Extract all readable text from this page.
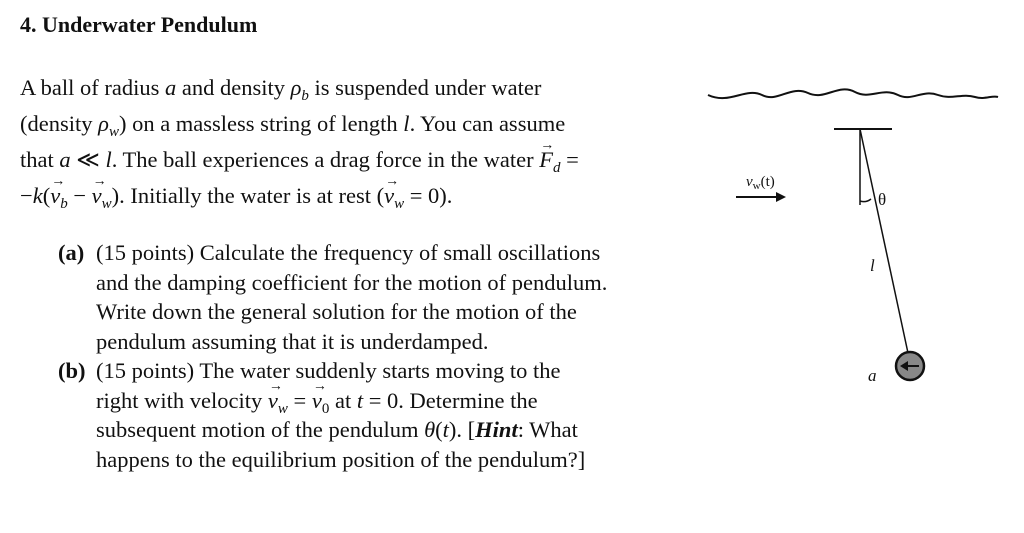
4. Underwater Pendulum
A ball of radius a and density $\rho_b$ is suspended under water
(density $\rho_w$) on a massless string of length l. You can assume
that a ≪ l. The ball experiences a drag force in the water → $F_d$ =
$-k(\to v_b$ − → $v_w$). Initially the water is at rest (→ $v_w = 0$).
(a) (15 points) Calculate the frequency of small oscillations
and the damping coefficient for the motion of pendulum.
Write down the general solution for the motion of the
pendulum assuming that it is underdamped.
(b) (15 points) The water suddenly starts moving to the
right with velocity → $v_w$ = → $v_0$ at t = 0. Determine the
subsequent motion of the pendulum θ(t). [Hint: What
happens to the equilibrium position of the pendulum?]
$v_w(t)$
θ
l
a
